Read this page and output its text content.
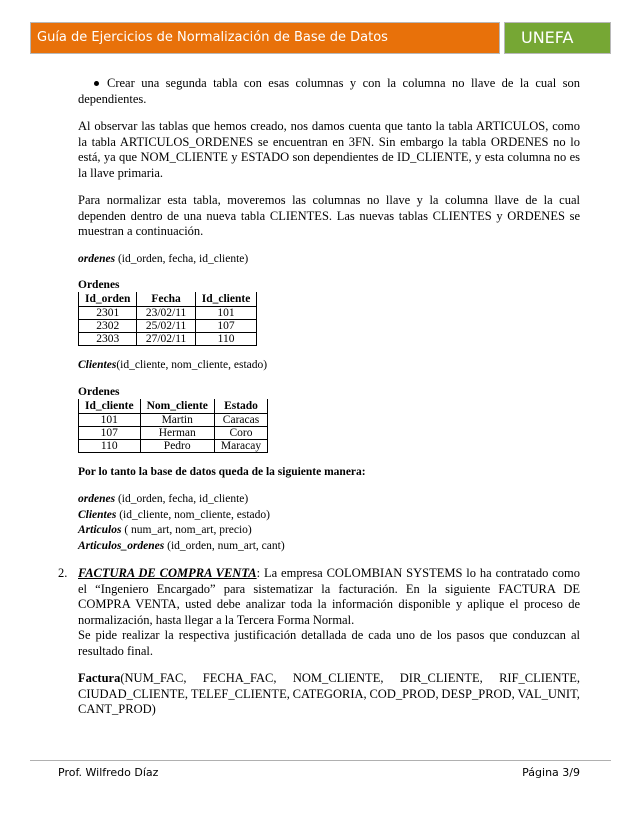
Guía de Ejercicios de Normalización de Base de Datos	UNEFA

Crear una segunda tabla con esas columnas y con la columna no llave de la cual son dependientes.

Al observar las tablas que hemos creado, nos damos cuenta que tanto la tabla ARTICULOS, como la tabla ARTICULOS_ORDENES se encuentran en 3FN. Sin embargo la tabla ORDENES no lo está, ya que NOM_CLIENTE y ESTADO son dependientes de ID_CLIENTE, y esta columna no es la llave primaria.

Para normalizar esta tabla, moveremos las columnas no llave y la columna llave de la cual dependen dentro de una nueva tabla CLIENTES. Las nuevas tablas CLIENTES y ORDENES se muestran a continuación.

ordenes (id_orden, fecha, id_cliente)

Ordenes
Id_orden	Fecha	Id_cliente
2301	23/02/11	101
2302	25/02/11	107
2303	27/02/11	110

Clientes(id_cliente, nom_cliente, estado)

Ordenes
Id_cliente	Nom_cliente	Estado
101	Martin	Caracas
107	Herman	Coro
110	Pedro	Maracay

Por lo tanto la base de datos queda de la siguiente manera:

ordenes (id_orden, fecha, id_cliente)
Clientes (id_cliente, nom_cliente, estado)
Articulos ( num_art, nom_art, precio)
Articulos_ordenes (id_orden, num_art, cant)

FACTURA DE COMPRA VENTA: La empresa COLOMBIAN SYSTEMS lo ha contratado como el “Ingeniero Encargado” para sistematizar la facturación. En la siguiente FACTURA DE COMPRA VENTA, usted debe analizar toda la información disponible y aplique el proceso de normalización, hasta llegar a la Tercera Forma Normal.

Se pide realizar la respectiva justificación detallada de cada uno de los pasos que conduzcan al resultado final.

Factura(NUM_FAC, FECHA_FAC, NOM_CLIENTE, DIR_CLIENTE, RIF_CLIENTE,
CIUDAD_CLIENTE, TELEF_CLIENTE, CATEGORIA, COD_PROD, DESP_PROD, VAL_UNIT,
CANT_PROD)
2.
Prof. Wilfredo Díaz	Página 3/9
